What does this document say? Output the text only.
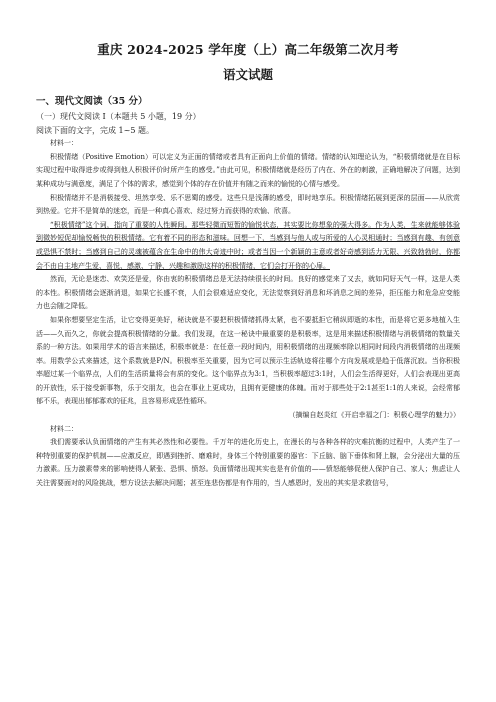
重庆 2024-2025 学年度（上）高二年级第二次月考
语文试题
一、现代文阅读（35 分）
（一）现代文阅读 I（本题共 5 小题，19 分）
阅读下面的文字，完成 1~5 题。
材料一：

积极情绪（Positive Emotion）可以定义为正面的情绪或者具有正面向上价值的情绪。情绪的认知理论认为，“积极情绪就是在目标实现过程中取得进步或得到他人积极评价时所产生的感受。”由此可见，积极情绪就是经历了内在、外在的刺激，正确地解决了问题，达到某种成功与满意度，满足了个体的需求，感觉到个体的存在价值并有随之而来的愉悦的心情与感受。

积极情绪并不是消极接受、坦然享受、乐不思蜀的感受。这些只是浅薄的感受，即时地享乐。积极情绪拓展到更深的层面——从欣赏到热爱。它并不是简单的迷恋，而是一种真心喜欢、经过努力而获得的欢愉、欣喜。

“积极情绪”这个词，指向了重要的人性瞬间。那些轻微而短暂的愉悦状态，其实要比你想象的强大得多。作为人类，生来就能够体验到微妙短促却愉悦畅快的积极情绪。它有着不同的形态和滋味。回想一下，当感到与他人或与所爱的人心灵相通时；当感到有趣、有创意或恐惧不禁时；当感到自己的灵魂被蕴含在生命中的伟大奇迹中时；或者当因一个新颖的主意或者好奇感到活力无限、兴致勃勃时，你都会不由自主地产生爱、喜悦、感激、宁静、兴趣和激励这样的积极情绪，它们会打开你的心扉。

然而，无论是迷恋、欢笑还是爱，你由衷的积极情绪总是无法持续很长的时间。良好的感觉来了又去，就如同好天气一样，这是人类的本性。积极情绪会逐渐消退，如果它长盛不衰，人们会很难适应变化，无法觉察到好消息和坏消息之间的差异，拒压能力和危急应变能力也会随之降低。

如果你想要坚定生活，让它变得更美好，秘诀就是不要把积极情绪抓得太紧，也不要抵拒它稍纵即逝的本性，而是将它更多地植入生活——久而久之，你就会提高积极情绪的分量。我们发现，在这一秘诀中最重要的是积极率，这是用来描述积极情绪与消极情绪的数量关系的一种方法。如果用学术的语言来描述，积极率就是：在任意一段时间内，用积极情绪的出现频率除以相同时间段内消极情绪的出现频率。用数学公式来描述，这个系数就是P/N。积极率至关重要，因为它可以预示生活轨迹将往哪个方向发展或是趋于低落沉寂。当你积极率超过某一个临界点，人们的生活质量将会有质的变化。这个临界点为3:1，当积极率超过3:1时，人们会生活得更好，人们会表现出更高的开放性，乐于接受新事物，乐于交朋友，也会在事业上更成功，且拥有更健康的体魄。而对于那些处于2:1甚至1:1的人来说，会经常郁郁不乐，表现出郁郁寡欢的征兆，且容易形成恶性循环。

（摘编自赵炎红《开启幸福之门：积极心理学的魅力》）
材料二：

我们需要承认负面情绪的产生有其必然性和必要性。千万年的进化历史上，在漫长的与各种各样的灾难抗衡的过程中，人类产生了一种特别重要的保护机制——应激反应，即遇到挫折、磨难时，身体三个特别重要的器官：下丘脑、脑下垂体和肾上腺，会分泌出大量的压力激素。压力激素带来的影响使得人紧张、恐惧、愤怒。负面情绪出现其实也是有价值的——愤怒能够促使人保护自己、家人；焦虑让人关注需要面对的风险挑战，想方设法去解决问题；甚至连悲伤都是有作用的，当人感恩时，发出的其实是求救信号，
